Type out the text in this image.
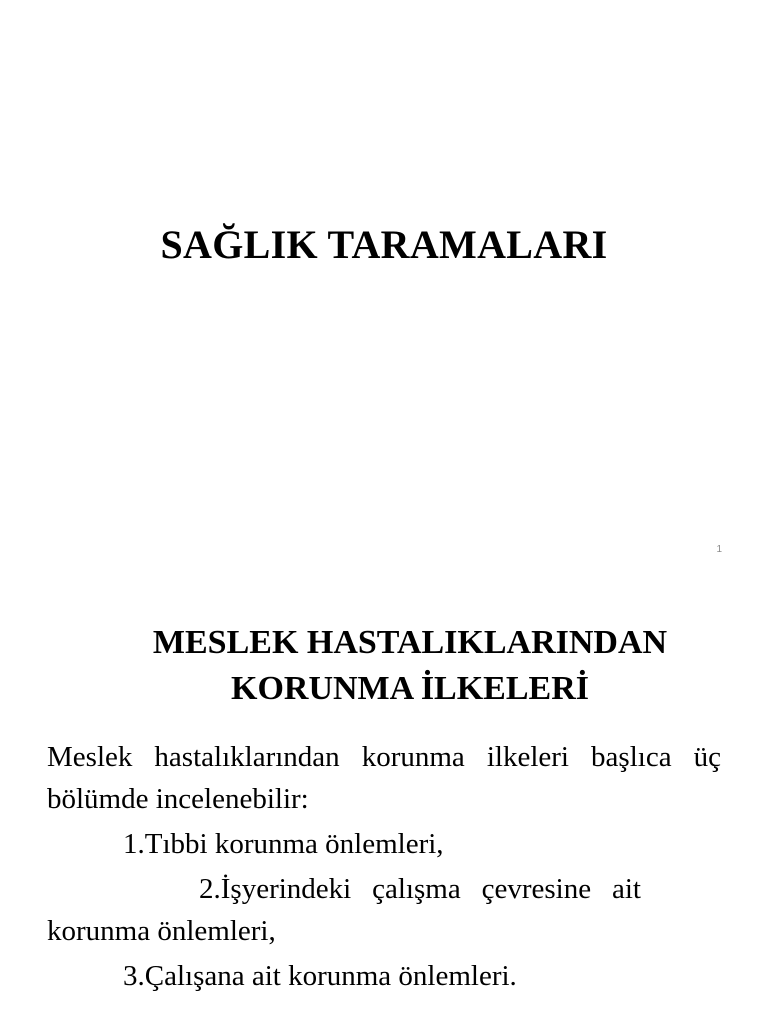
SAĞLIK TARAMALARI
1
MESLEK HASTALIKLARINDAN
KORUNMA İLKELERİ

Meslek hastalıklarından korunma ilkeleri başlıca üç bölümde incelenebilir:

1.Tıbbi korunma önlemleri,

2.İşyerindeki çalışma çevresine ait
korunma önlemleri,

3.Çalışana ait korunma önlemleri.
